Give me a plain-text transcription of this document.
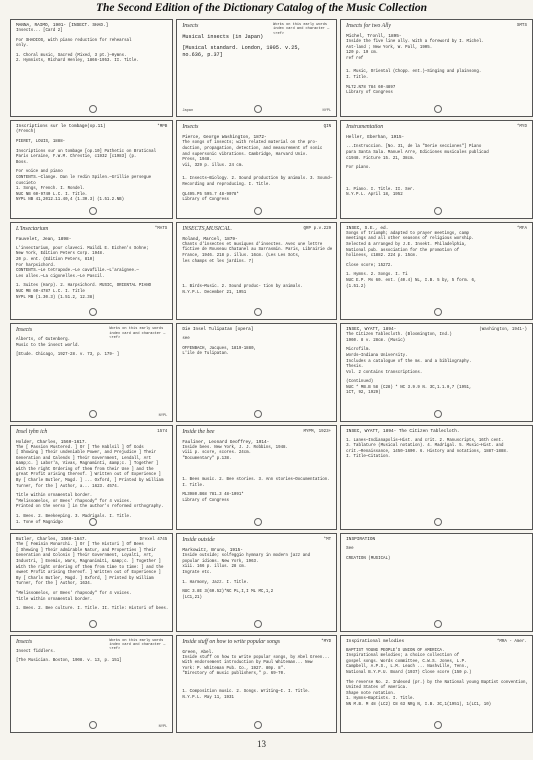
The Second Edition of the Dictionary Catalog of the Music Collection
MANNA, RAIMO, 1901- [INSECT. SHAD.]
Insects... [Card 2]
For SHADIOS, with piano reduction for rehearsal
only.
1. Choral music, Sacred (Mixed, 3 pt.)—Hymns.
2. Hymnists, Richard Henley, 1866-1953. II. Title.
Works on this early words index card and character — <ref>
Insects
Musical insects (in Japan)
[Musical standard. London, 1905. v.25,
no.636, p.37]
Japan	NYPL
SMTS
Insects for two Ally
Michel, Tronll, 1895-
Inside the five line ally. With a foreword by I. Michel.
Ant-land ; New York, W. Pall, 1905.
120 p. 19 cm.
ref ref
1. Music, Oriental (Chopp. ent.)—Singing and plainsong.
I. Title.
ML72.N78 784 60-4897
Library of Congress
*MPB
Inscriptions sur le tombage(op.11)
(French)
PIERET, LOUIS, 1888-
Inscriptions sur un tombage [op.10] Pathetic on Braticnal
Paris Leraine, F.W.M. Chrestie, c1932 [c1983] (p.
Boss.
For voice and piano
CONTENTS.—Clange. Dan le redin Spilen.—Grillie persegue
cuscieto
1. Songs, French. I. Rondel.
NUC NB 60-9740 L.C. I. Title.
NYPL NB 41,2012.11.40,4 (1.30.3) (1.51.2.NB)
QIN
Insects
Pierce, George Washington, 1872-
The songs of insects; with related material on the pro-
duction, propagation, detection, and measurement of sonic
and supersonic vibrations. Cambridge, Harvard Univ.
Press, 1948.
vii, 329 p. illus. 24 cm.
1. Insects—Biology. 2. Sound production by animals. 3. Sound—
Recording and reproducing. I. Title.
QL495.P5 595.7 48-9078*
Library of Congress
*MYD
Instrumentation
Heller, Eberhan, 1915-
...Instruccion. [No. 31, de la "Serie secciones"] Piano
para Santa Sala. Manuel Arre, Ediciones musicales publicad
c1948. Ficture 15. 21, 38cm.
For piano.
1. Piano. I. Title. II. Ser.
N.Y.P.L. April 18, 1952
*MATS
L'Insectarium
Fauvelet, Jean, 1898-
L'insectarium, pour claveci. Maildi E. Eichen's Sohne;
New York, Edition Peters Corp. 1948.
20 p. ent. (Edition Peters, 810)
For harpsichord.
CONTENTS.—Le tetrapode.—Le cavafilie.—L'araignee.—
Les alles.—La cigonelles.—Le Pascil.
1. Suites (Harp). 2. Harpsichord. MUSIC, ORIENTAL PIANO
NUC MB 60-4787 L.C. I. Title
NYPL MB (1.30.3) (1.51.2, 12.38)
QRP p.v.229
INSECTS,MUSICAL.
Roland, Marcel, 1879-
Chants d'insectes et musiques d'insectes. Avec une lettre
fictive de Rouseau Chatanel au Sarrasmin. Paris, Librairie de
France, 1946. 218 p. illus. 16cm. (Les Les Sots,
les champs et les jardins. 7)
1. Birds—Music. 2. Sound produc- tion by animals.
N.Y.P.L. December 21, 1951
*MFA
INSEC, S.E., ed.
Songs of triumph; adapted to prayer meetings, camp
meetings and all other seasons of religious worship.
Selected & arranged by J.E. Insekt. Philadelphia,
National pub. association for the promotion of
holiness, c1882. 224 p. 15cm.
Close score; 15272.
1. Hymns. 2. Songs. I. Ti
NUC E.P. Ms 60. ent. (40.4) NL, I.B. 5 by, 5 form. 6,
(1.51.2)
Works on this early words index card and character — <ref>
Insects
Alberts, of Gutenberg.
Music to the insect world.
[Etude. Chicago, 1927-28. v. 73, p. 179- ]
NYPL
Die Insel Tulipatan [opera]
see
OFFENBACH, Jacques, 1819-1880,
L'ile de Tulipatan.
(Washington, 1941-)
INSEC, WYATT, 1894-
The Citizen Tablecloth. (Bloomington, Ind.)
1960. 8 v. 28cm. (Music)
Microfilm.
Words—Indiana University.
Includes a catalogue of the ms. and a bibliography.
Thesis.
Vol. 2 contains transcriptions.
(Continued)
NUC * MB.B 58 (C28) * NC 3.9.9 N. 3C,1.1.0,7 (1951,
1CT, 92, 1929)
1574
Insel tyhn ich
Holder, Charles, 1560-1617.
The [ Passion Mustered. ] Or [ The Hablsil ] Of Gods
[ Showing ] Their undeniable Power, and Prejudice ] Their
Generation and Calends ] Their Government, Lendall, Art
&amp;c. ] Labor'a, Vivas, Magnaminti, &amp;c. ] Together ]
With the right Ordering of them from their Use ] and the
great Profit arising thereof. ] Written out of Experience ]
By [ Charle Butler, Magd. ] ... Oxford, ] Printed by William
Turner, for the ] Author, a... 1623. 4574.
Title within ornamental border.
"Melissomelos, or Bees' rhapsody" for 4 voices.
Printed on the verso ] in the author's reformed orthography.
1. Bees. 2. Beekeeping. 3. Madrigals. I. Title.
1. Tone of Magnidgo
MYPM, 1923+
Inside the bee
Fauliner, Leonard Geoffrey, 1914-
Inside bees. New York, J. J. Robbins, 1948.
viii p. score, scores. 24cm.
"Documentary" p.138.
1. Bees music. 2. Bee stories. 3. Ann stories—Documentation.
I. Title.
ML3980.B68 781.3 48-1091*
Library of Congress
INSEC, WYATT, 1894- The Citizen Tablecloth.
1. Lanes—Indianapolis—Hist. and crit. 2. Manuscripts, 16th cent.
3. Tablature (Musical notation). 4. Madrigal. 5. Music—Hist. and
crit.—Renaissance, 1450-1600. 6. History and notations, 1887-1888.
I. Title—Citation.
Drexel 4745
Butler, Charles, 1560-1647.
The [ Feminin Monarchi. ] Or [ The Histori ] Of Bees
[ Shewing ] Their admirable Natur, and Properties ] Their
Generation and Colonis ] Their Government, Loyalti, Art,
Industri, ] Enemis, Wars, Magnanimiti, &amp;c. ] Together ]
With the right ordering of them from time to time: ] and the
sweet Profit arising thereof. ] Written out of Experience ]
By [ Charls Butler, Magd. ] Oxford, ] Printed by William
Turner, for the ] Author, 1634.
"Melissomelos, or Bees' rhapsody" for 4 voices.
Title within ornamental border.
1. Bees. 2. Bee culture. I. Title. II. Title: Histori of bees.
*MT
Inside outside
Markowitz, Bruno, 1915-
Inside outside; solfeggio hymnary in modern jazz and
popular idioms. New York, 1963.
xiii. 166 p. illus. 28 cm.
Ingrate etc.
1. Harmony, Jazz. I. Title.
NUC 3.8E 3(60.52)*NC PL,I,I ML MC,1,2
(LC1,21)
INSPIRATION
See
CREATION (MUSICAL)
Works on this early words index card and character — <ref>
Insects
Insect fiddlers.
[The Musician. Boston, 1908. v. 13, p. 151]
NYPL
*MYD
Inside stuff on how to write popular songs
Green, Abel.
Inside stuff on how to write popular songs, by Abel Green...
With endorsement introduction by Paul Whiteman... New
York: P. Whiteman Pub. Co., 1927. 80p. 8".
"Directory of music publishers," p. 69-70.
1. Composition music. 2. Songs. Writing—I. I. Title.
N.Y.P.L. May 11, 1931
*MRA - Amer.
Inspirational melodies
BAPTIST YOUNG PEOPLE'S UNION OF AMERICA.
Inspirational melodies; a choice collection of
gospel songs. Words committee, C.W.S. Jones, L.P.
Campbell, A.P.S., L.M. Leach ... Nashville, Tenn.,
National B.Y.P.U. Board (1937) Close score (150 p.)
The reverse No. 2. Indexed (pr.) by the National young Baptist convention,
United States of America.
Shape note notation.
1. Hymns—Baptists. I. Title.
NN M.B. M 48 (LC2) C8 63 NRg N, I.B. 3C,1(1951), 1(LC1, 10)
13
